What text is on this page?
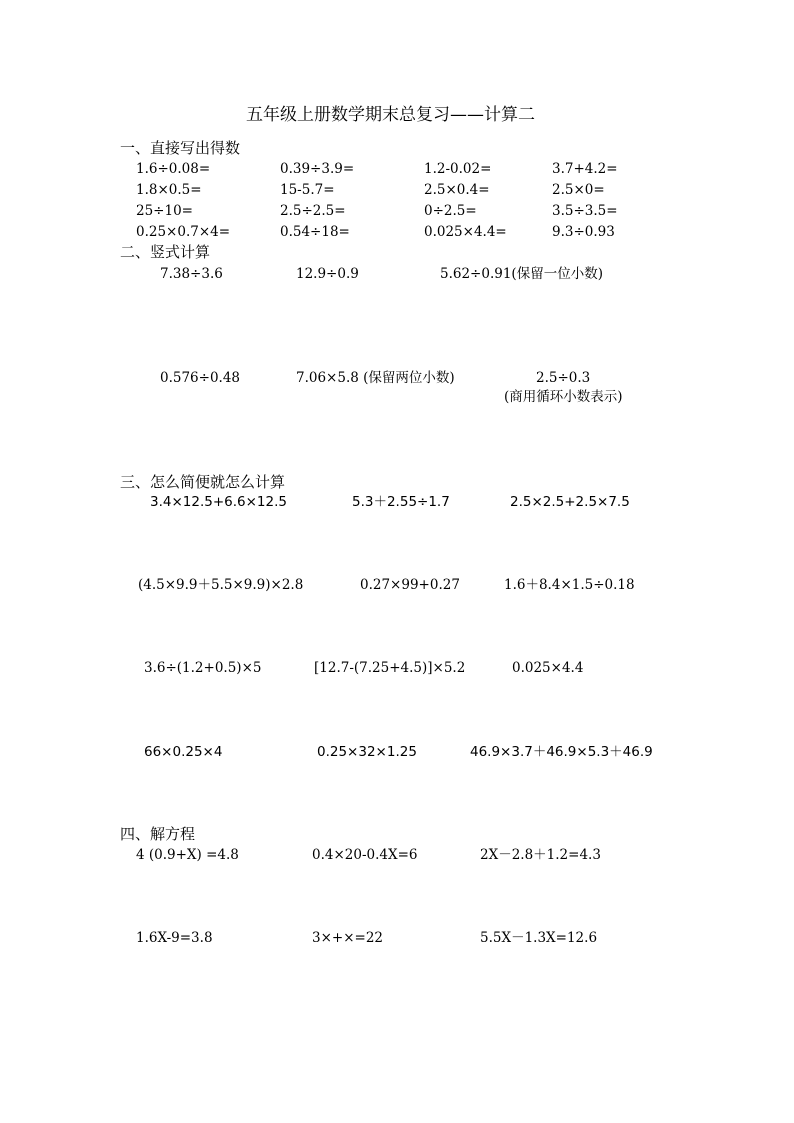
五年级上册数学期末总复习——计算二
一、直接写出得数
1.6÷0.08=	0.39÷3.9=	1.2-0.02=	3.7+4.2=
1.8×0.5=	15-5.7=	2.5×0.4=	2.5×0=
25÷10=	2.5÷2.5=	0÷2.5=	3.5÷3.5=
0.25×0.7×4=	0.54÷18=	0.025×4.4=	9.3÷0.93
二、竖式计算
7.38÷3.6	12.9÷0.9	5.62÷0.91(保留一位小数)
0.576÷0.48	7.06×5.8 (保留两位小数)	2.5÷0.3
(商用循环小数表示)
三、怎么简便就怎么计算
3.4×12.5+6.6×12.5	5.3＋2.55÷1.7	2.5×2.5+2.5×7.5
(4.5×9.9＋5.5×9.9)×2.8	0.27×99+0.27	1.6＋8.4×1.5÷0.18
3.6÷(1.2+0.5)×5	[12.7-(7.25+4.5)]×5.2	0.025×4.4
66×0.25×4	0.25×32×1.25	46.9×3.7＋46.9×5.3＋46.9
四、解方程
4 (0.9+X) =4.8	0.4×20-0.4X=6	2X－2.8＋1.2=4.3
1.6X-9=3.8	3×+×=22	5.5X－1.3X=12.6
